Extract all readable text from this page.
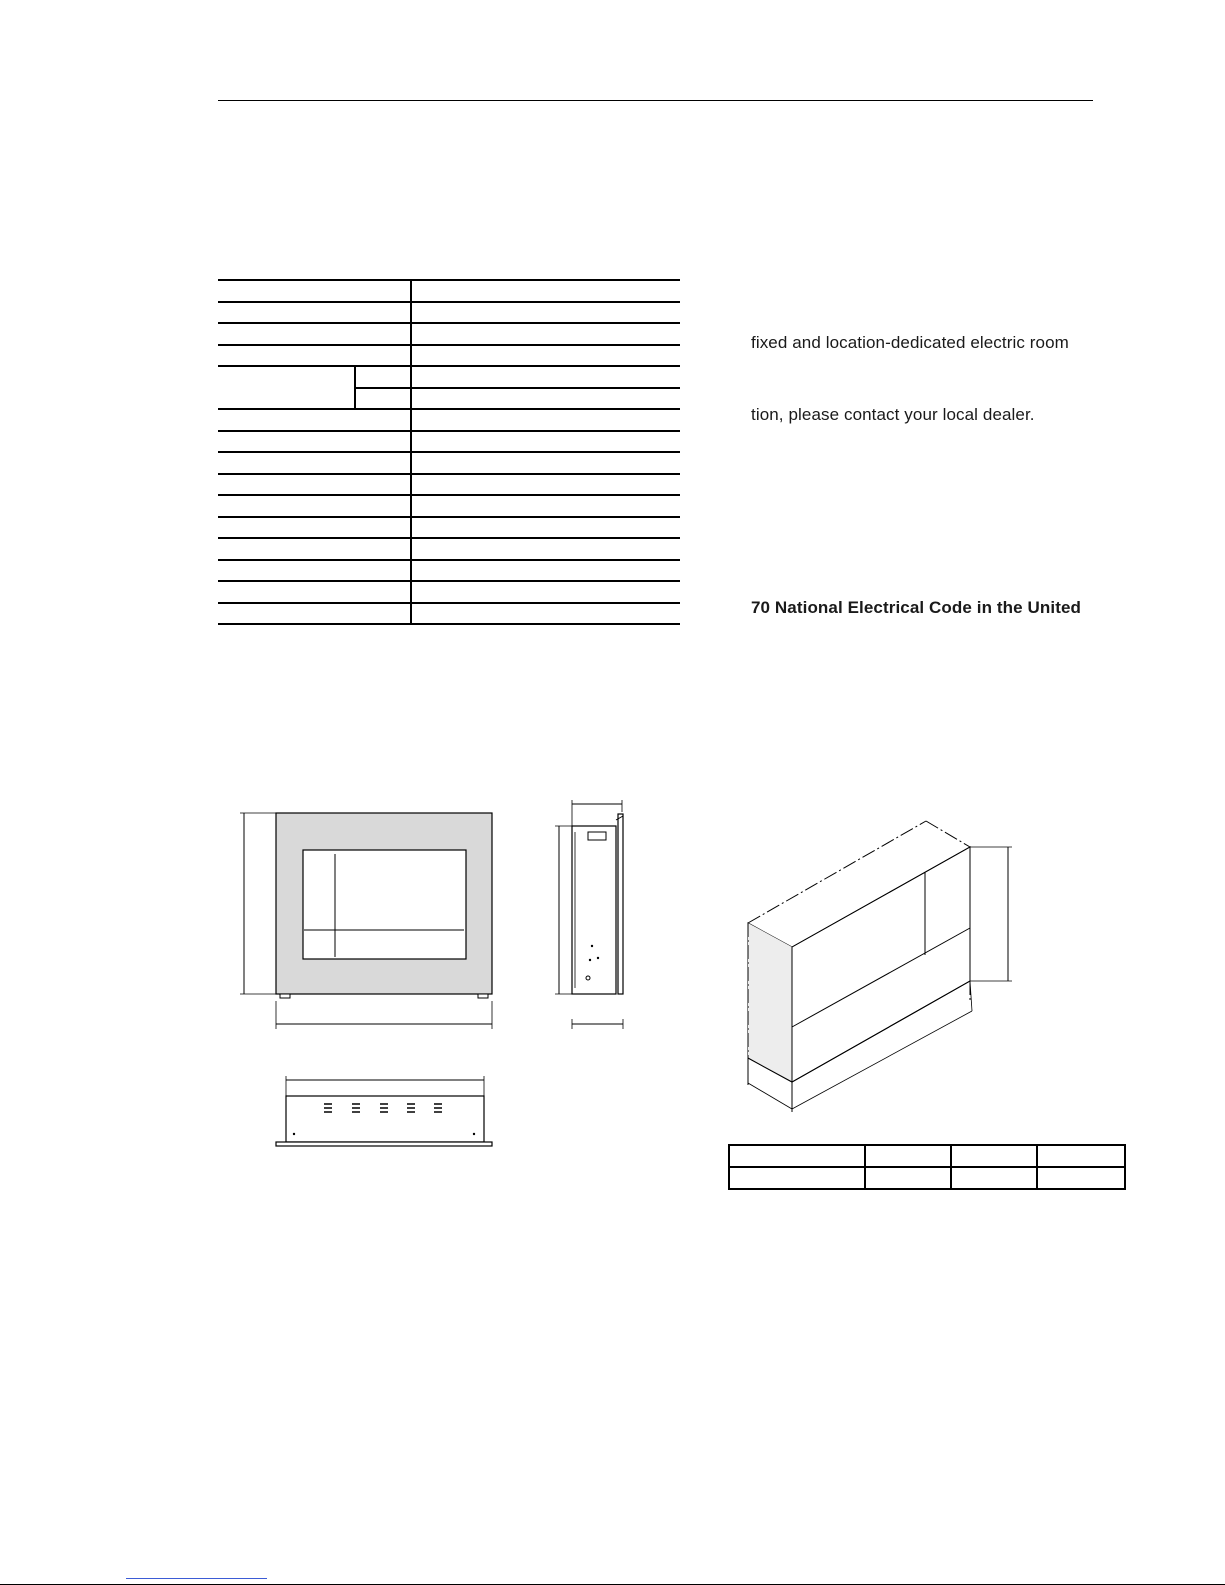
fixed and location-dedicated electric room
tion, please contact your local dealer.
70 National Electrical Code in the United
